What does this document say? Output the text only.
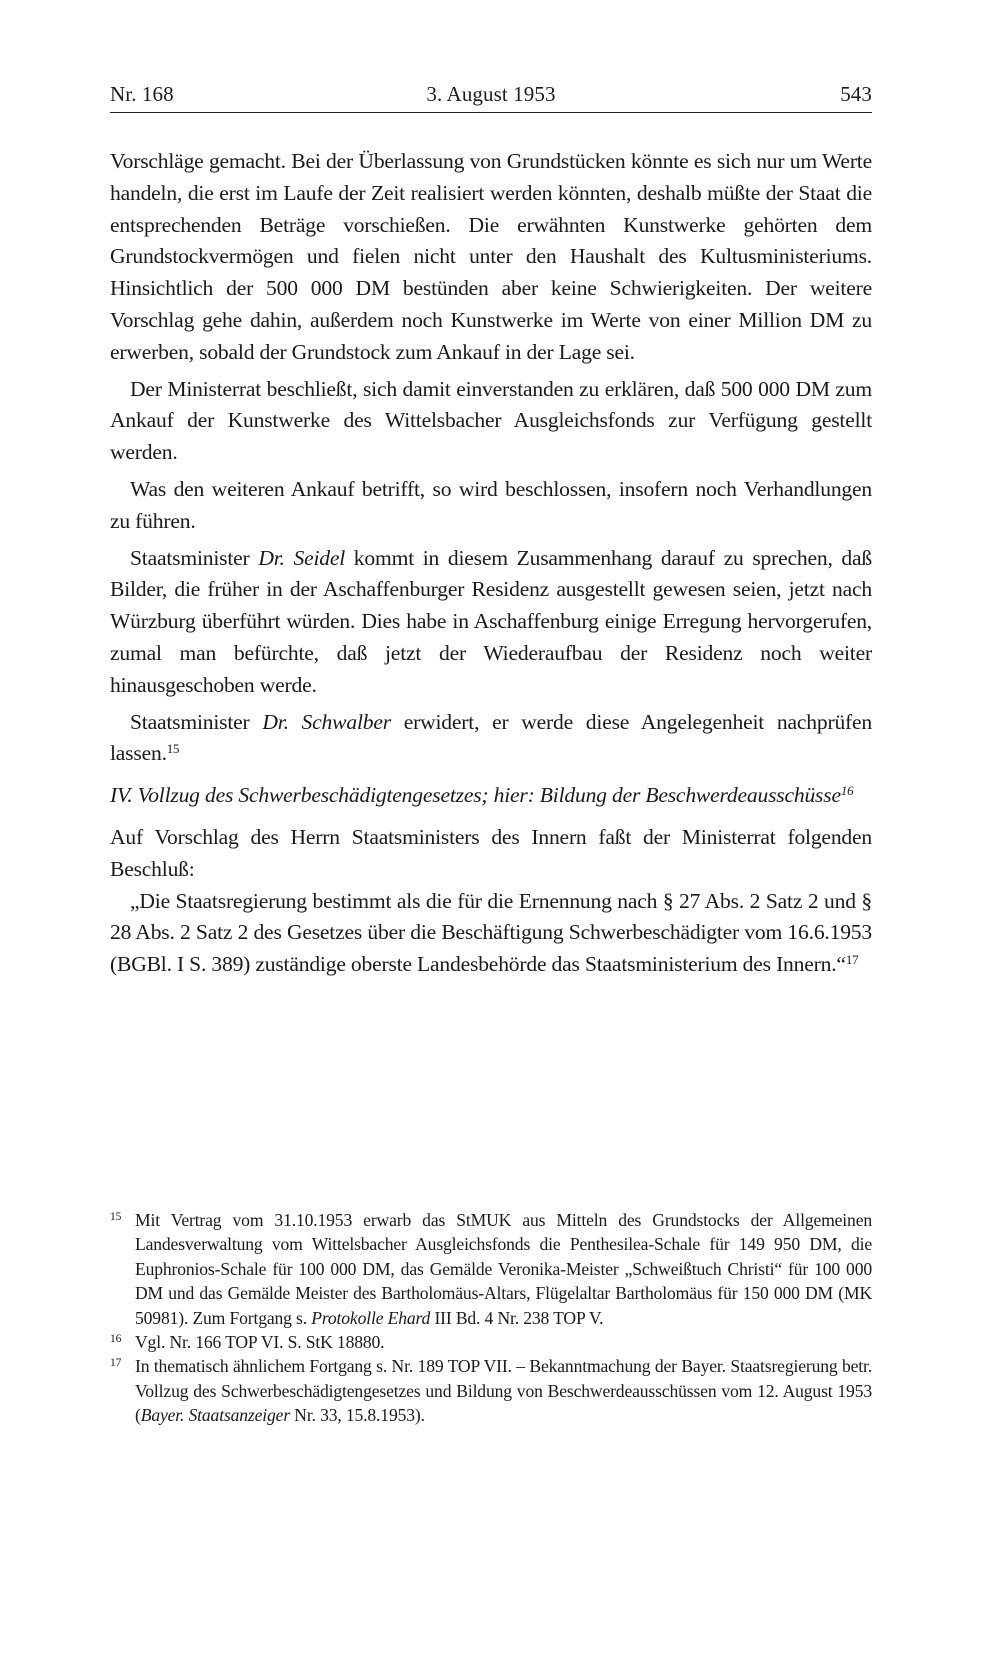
Nr. 168	3. August 1953	543

Vorschläge gemacht. Bei der Überlassung von Grundstücken könnte es sich nur um Werte handeln, die erst im Laufe der Zeit realisiert werden könnten, deshalb müßte der Staat die entsprechenden Beträge vorschießen. Die erwähnten Kunstwerke gehörten dem Grundstockvermögen und fielen nicht unter den Haushalt des Kultusministeriums. Hinsichtlich der 500 000 DM bestünden aber keine Schwierigkeiten. Der weitere Vorschlag gehe dahin, außerdem noch Kunstwerke im Werte von einer Million DM zu erwerben, sobald der Grundstock zum Ankauf in der Lage sei.

Der Ministerrat beschließt, sich damit einverstanden zu erklären, daß 500 000 DM zum Ankauf der Kunstwerke des Wittelsbacher Ausgleichsfonds zur Verfügung gestellt werden.

Was den weiteren Ankauf betrifft, so wird beschlossen, insofern noch Verhandlungen zu führen.

Staatsminister Dr. Seidel kommt in diesem Zusammenhang darauf zu sprechen, daß Bilder, die früher in der Aschaffenburger Residenz ausgestellt gewesen seien, jetzt nach Würzburg überführt würden. Dies habe in Aschaffenburg einige Erregung hervorgerufen, zumal man befürchte, daß jetzt der Wiederaufbau der Residenz noch weiter hinausgeschoben werde.

Staatsminister Dr. Schwalber erwidert, er werde diese Angelegenheit nachprüfen lassen.$^{15}$

IV. Vollzug des Schwerbeschädigtengesetzes; hier: Bildung der Beschwerdeausschüsse$^{16}$

Auf Vorschlag des Herrn Staatsministers des Innern faßt der Ministerrat folgenden Beschluß:

„Die Staatsregierung bestimmt als die für die Ernennung nach § 27 Abs. 2 Satz 2 und § 28 Abs. 2 Satz 2 des Gesetzes über die Beschäftigung Schwerbeschädigter vom 16.6.1953 (BGBl. I S. 389) zuständige oberste Landesbehörde das Staatsministerium des Innern.“$^{17}$

15 Mit Vertrag vom 31.10.1953 erwarb das StMUK aus Mitteln des Grundstocks der Allgemeinen Landesverwaltung vom Wittelsbacher Ausgleichsfonds die Penthesilea-Schale für 149 950 DM, die Euphronios-Schale für 100 000 DM, das Gemälde Veronika-Meister „Schweißtuch Christi“ für 100 000 DM und das Gemälde Meister des Bartholomäus-Altars, Flügelaltar Bartholomäus für 150 000 DM (MK 50981). Zum Fortgang s. Protokolle Ehard III Bd. 4 Nr. 238 TOP V.

16 Vgl. Nr. 166 TOP VI. S. StK 18880.

17 In thematisch ähnlichem Fortgang s. Nr. 189 TOP VII. – Bekanntmachung der Bayer. Staatsregierung betr. Vollzug des Schwerbeschädigtengesetzes und Bildung von Beschwerdeausschüssen vom 12. August 1953 (Bayer. Staatsanzeiger Nr. 33, 15.8.1953).
